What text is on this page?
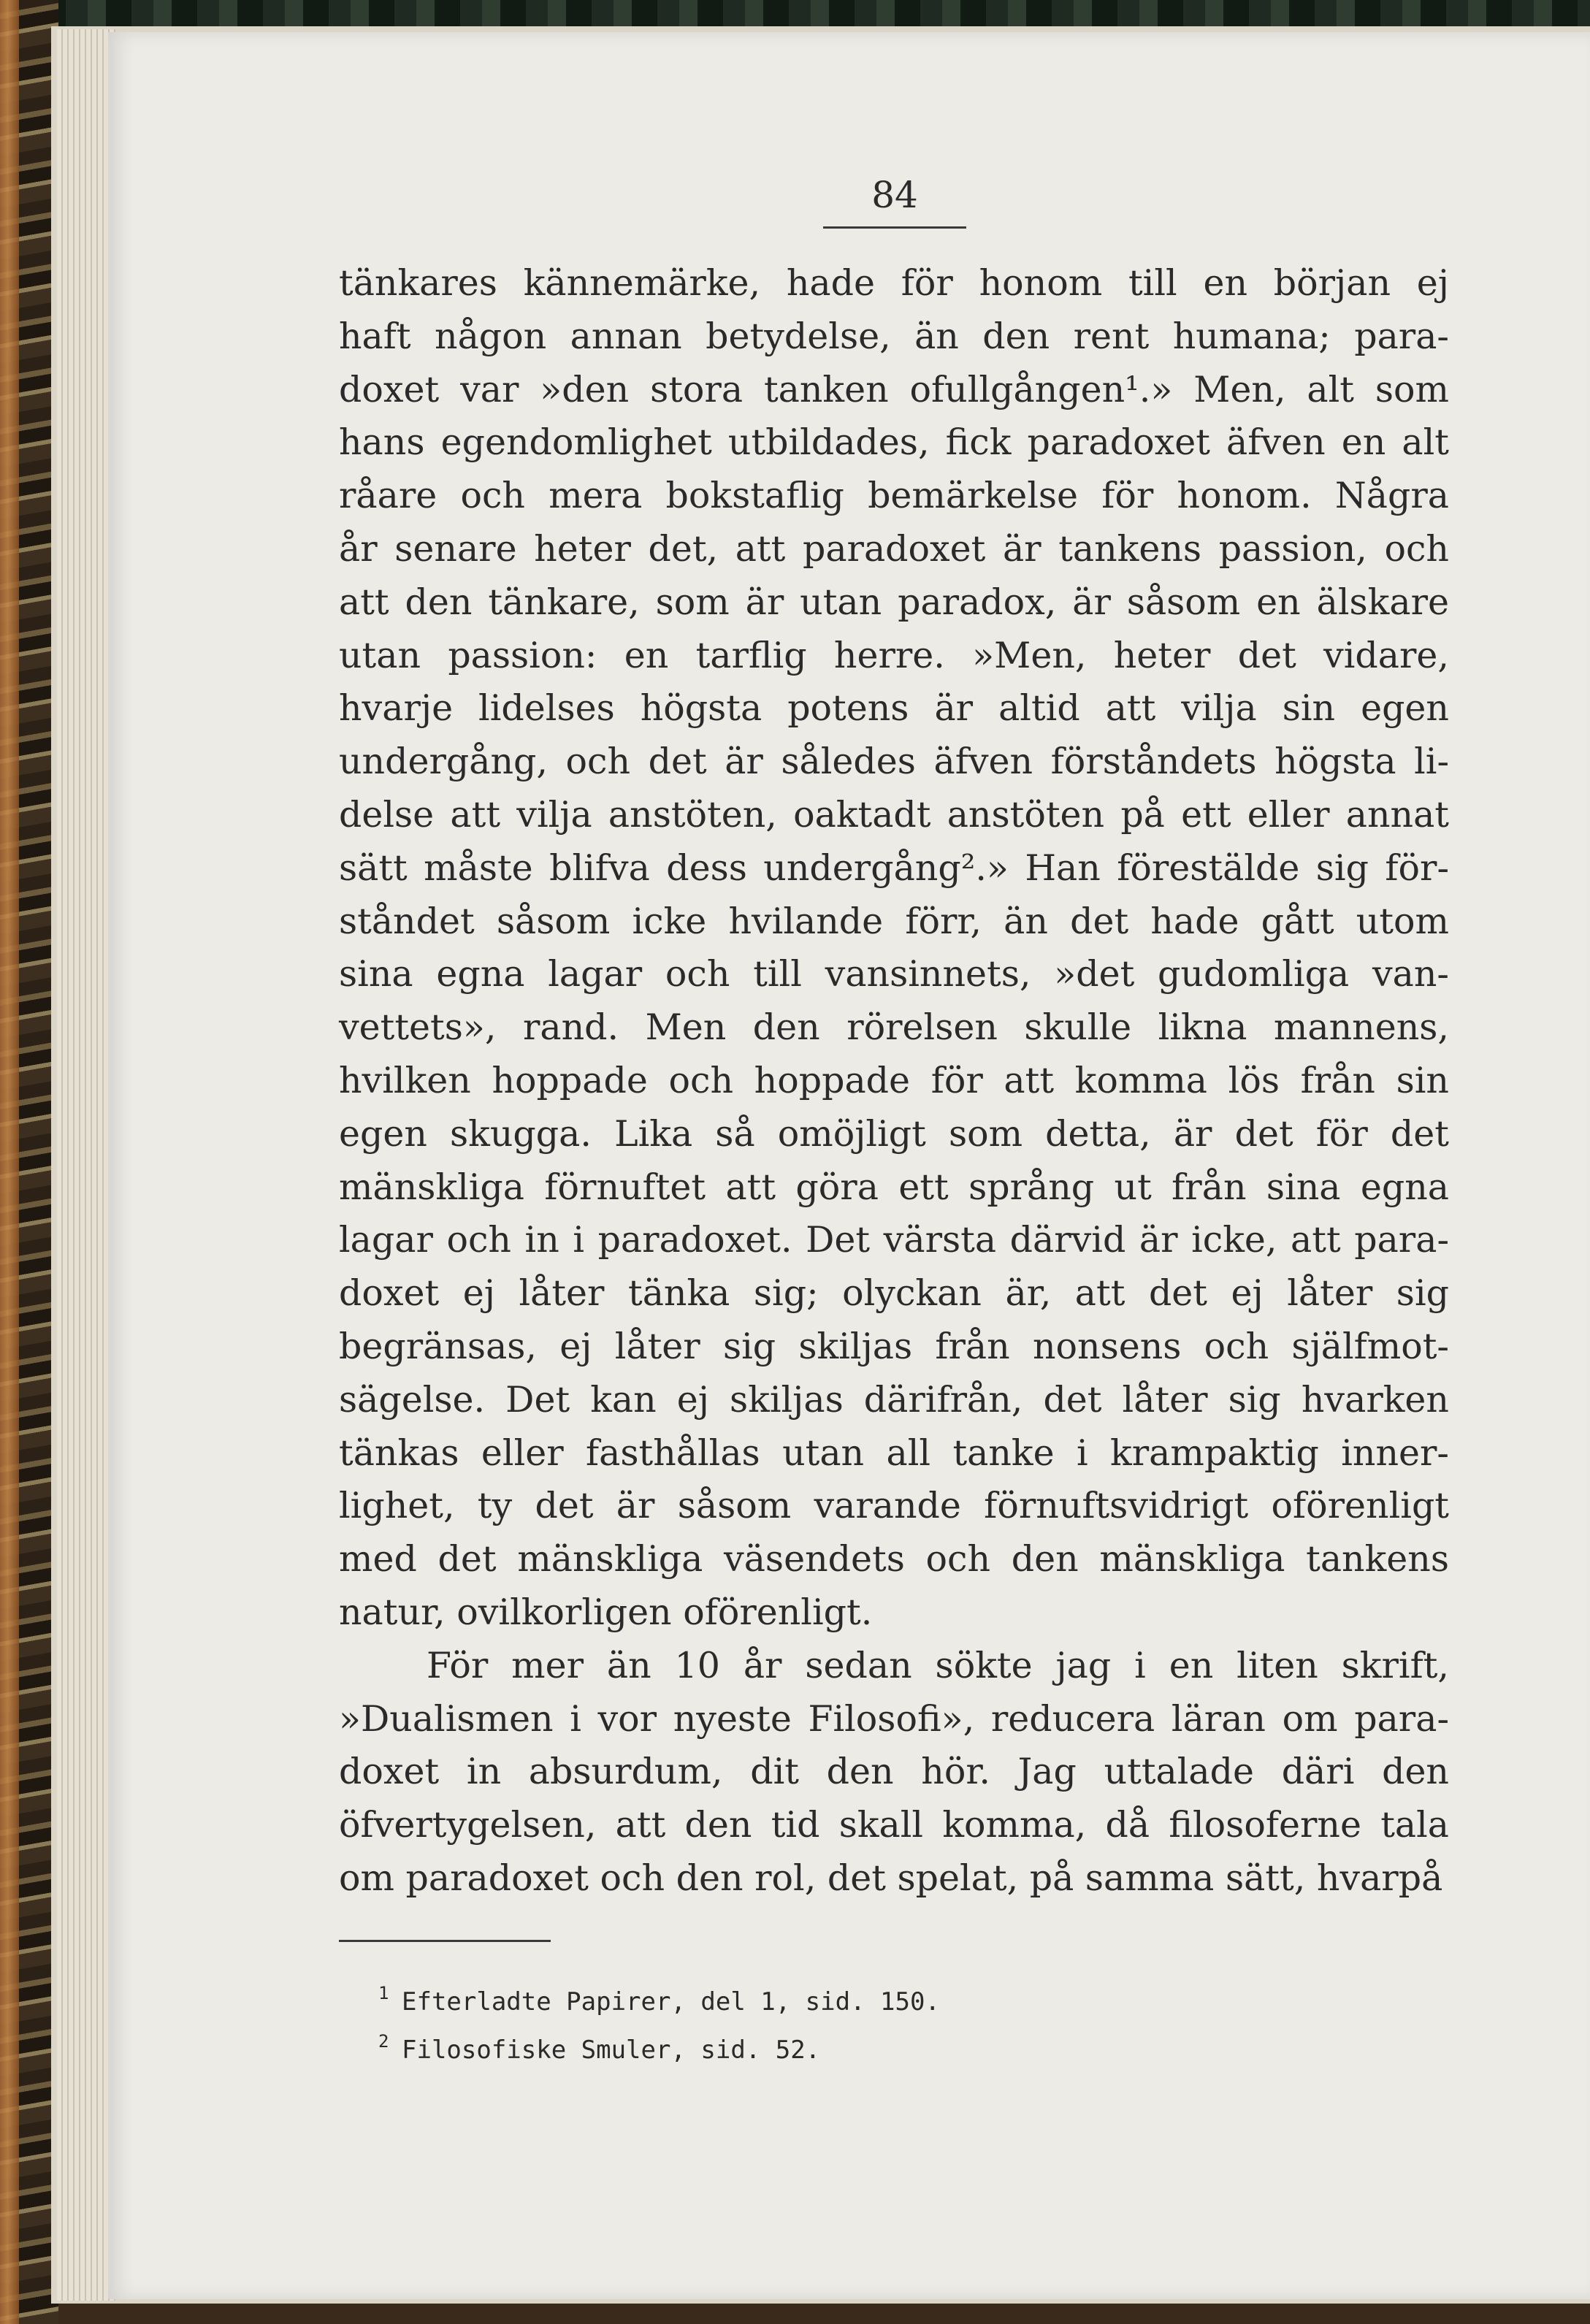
84
tänkares kännemärke, hade för honom till en början ej
haft någon annan betydelse, än den rent humana; para-
doxet var »den stora tanken ofullgången¹.» Men, alt som
hans egendomlighet utbildades, fick paradoxet äfven en alt
råare och mera bokstaflig bemärkelse för honom. Några
år senare heter det, att paradoxet är tankens passion, och
att den tänkare, som är utan paradox, är såsom en älskare
utan passion: en tarflig herre. »Men, heter det vidare,
hvarje lidelses högsta potens är altid att vilja sin egen
undergång, och det är således äfven förståndets högsta li-
delse att vilja anstöten, oaktadt anstöten på ett eller annat
sätt måste blifva dess undergång².» Han förestälde sig för-
ståndet såsom icke hvilande förr, än det hade gått utom
sina egna lagar och till vansinnets, »det gudomliga van-
vettets», rand. Men den rörelsen skulle likna mannens,
hvilken hoppade och hoppade för att komma lös från sin
egen skugga. Lika så omöjligt som detta, är det för det
mänskliga förnuftet att göra ett språng ut från sina egna
lagar och in i paradoxet. Det värsta därvid är icke, att para-
doxet ej låter tänka sig; olyckan är, att det ej låter sig
begränsas, ej låter sig skiljas från nonsens och själfmot-
sägelse. Det kan ej skiljas därifrån, det låter sig hvarken
tänkas eller fasthållas utan all tanke i krampaktig inner-
lighet, ty det är såsom varande förnuftsvidrigt oförenligt
med det mänskliga väsendets och den mänskliga tankens
natur, ovilkorligen oförenligt.
För mer än 10 år sedan sökte jag i en liten skrift,
»Dualismen i vor nyeste Filosofi», reducera läran om para-
doxet in absurdum, dit den hör. Jag uttalade däri den
öfvertygelsen, att den tid skall komma, då filosoferne tala
om paradoxet och den rol, det spelat, på samma sätt, hvarpå
1 Efterladte Papirer, del 1, sid. 150.
2 Filosofiske Smuler, sid. 52.
